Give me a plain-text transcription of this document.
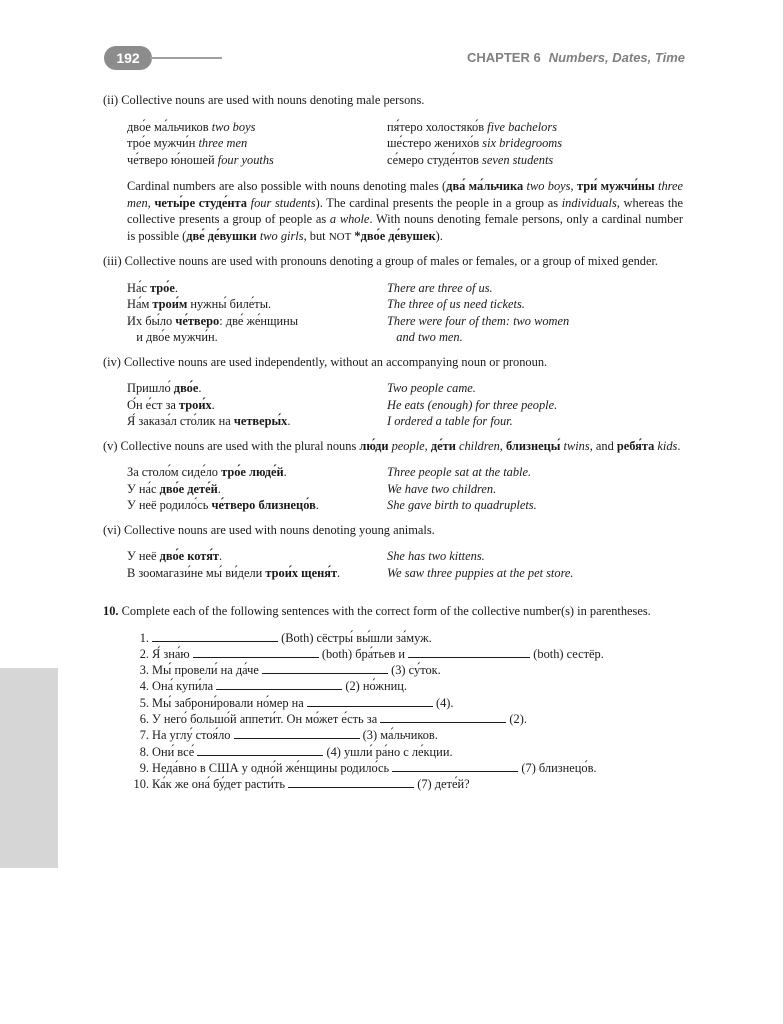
192	CHAPTER 6 Numbers, Dates, Time

(ii) Collective nouns are used with nouns denoting male persons.

дво́е ма́льчиков two boys	пя́теро холостяко́в five bachelors
тро́е мужчи́н three men	ше́стеро женихо́в six bridegrooms
че́тверо ю́ношей four youths	се́меро студе́нтов seven students

Cardinal numbers are also possible with nouns denoting males (два́ ма́льчика two boys, три́ мужчи́ны three men, четы́ре студе́нта four students). The cardinal presents the people in a group as individuals, whereas the collective presents a group of people as a whole. With nouns denoting female persons, only a cardinal number is possible (две́ де́вушки two girls, but NOT *дво́е де́вушек).

(iii) Collective nouns are used with pronouns denoting a group of males or females, or a group of mixed gender.

На́с тро́е.	There are three of us.
На́м трои́м нужны́ биле́ты.	The three of us need tickets.
Их бы́ло че́тверо: две́ же́нщины	There were four of them: two women
и дво́е мужчи́н.	and two men.

(iv) Collective nouns are used independently, without an accompanying noun or pronoun.

Пришло́ дво́е.	Two people came.
О́н е́ст за трои́х.	He eats (enough) for three people.
Я́ заказа́л сто́лик на четверы́х.	I ordered a table for four.

(v) Collective nouns are used with the plural nouns лю́ди people, де́ти children, близнецы́ twins, and ребя́та kids.

За столо́м сиде́ло тро́е люде́й.	Three people sat at the table.
У на́с дво́е дете́й.	We have two children.
У неё родило́сь че́тверо близнецо́в.	She gave birth to quadruplets.

(vi) Collective nouns are used with nouns denoting young animals.

У неё дво́е котя́т.	She has two kittens.
В зоомагази́не мы́ ви́дели трои́х щеня́т.	We saw three puppies at the pet store.

10. Complete each of the following sentences with the correct form of the collective number(s) in parentheses.

1.	(Both) сёстры́ вы́шли за́муж.
2. Я́ зна́ю	(both) бра́тьев и	(both) сестёр.
3. Мы́ провели́ на да́че	(3) су́ток.
4. Она́ купи́ла	(2) но́жниц.
5. Мы́ заброни́ровали но́мер на	(4).
6. У него́ большо́й аппети́т. Он мо́жет е́сть за	(2).
7. На углу́ стоя́ло	(3) ма́льчиков.
8. Они́ все́	(4) ушли́ ра́но с ле́кции.
9. Неда́вно в США у одно́й же́нщины родило́сь	(7) близнецо́в.
10. Ка́к же она́ бу́дет расти́ть	(7) дете́й?
